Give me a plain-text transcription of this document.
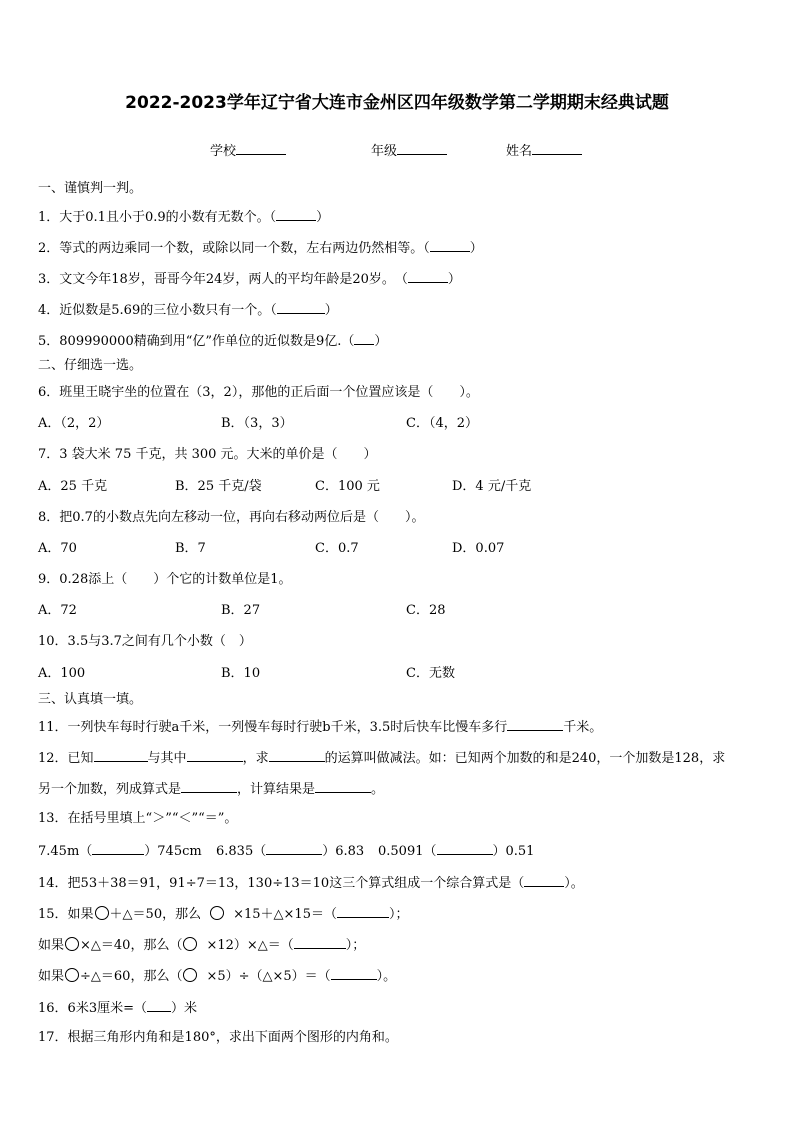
2022-2023学年辽宁省大连市金州区四年级数学第二学期期末经典试题
学校	年级	姓名
一、谨慎判一判。
1．大于0.1且小于0.9的小数有无数个。（	）
2．等式的两边乘同一个数，或除以同一个数，左右两边仍然相等。（	）
3．文文今年18岁，哥哥今年24岁，两人的平均年龄是20岁。　（	）
4．近似数是5.69的三位小数只有一个。（	）
5．809990000精确到用“亿”作单位的近似数是9亿.（ ）
二、仔细选一选。
6．班里王晓宇坐的位置在（3，2），那他的正后面一个位置应该是（　　）。
A．（2，2）	B．（3，3）	C．（4，2）
7．3 袋大米 75 千克，共 300 元。大米的单价是（　　）
A．25 千克	B．25 千克/袋	C．100 元	D．4 元/千克
8．把0.7的小数点先向左移动一位，再向右移动两位后是（　　）。
A．70	B．7	C．0.7	D．0.07
9．0.28添上（　　）个它的计数单位是1。
A．72	B．27	C．28
10．3.5与3.7之间有几个小数（　）
A．100	B．10	C．无数
三、认真填一填。
11．一列快车每时行驶a千米，一列慢车每时行驶b千米，3.5时后快车比慢车多行	千米。
12．已知	与其中	，求	的运算叫做减法。如：已知两个加数的和是240，一个加数是128，求
另一个加数，列成算式是	，计算结果是	。
13．在括号里填上“＞”“＜”“＝”。
7.45m（	）745cm 6.835（	）6.83 0.5091（	）0.51
14．把53＋38＝91，91÷7＝13，130÷13＝10这三个算式组成一个综合算式是（	）。
15．如果 ＋△＝50，那么 ×15＋△×15＝（	）；
如果 ×△＝40，那么（ ×12）×△＝（	）；
如果 ÷△＝60，那么（ ×5）÷（△×5）＝（	）。
16．6米3厘米=（ ）米
17．根据三角形内角和是180°，求出下面两个图形的内角和。
